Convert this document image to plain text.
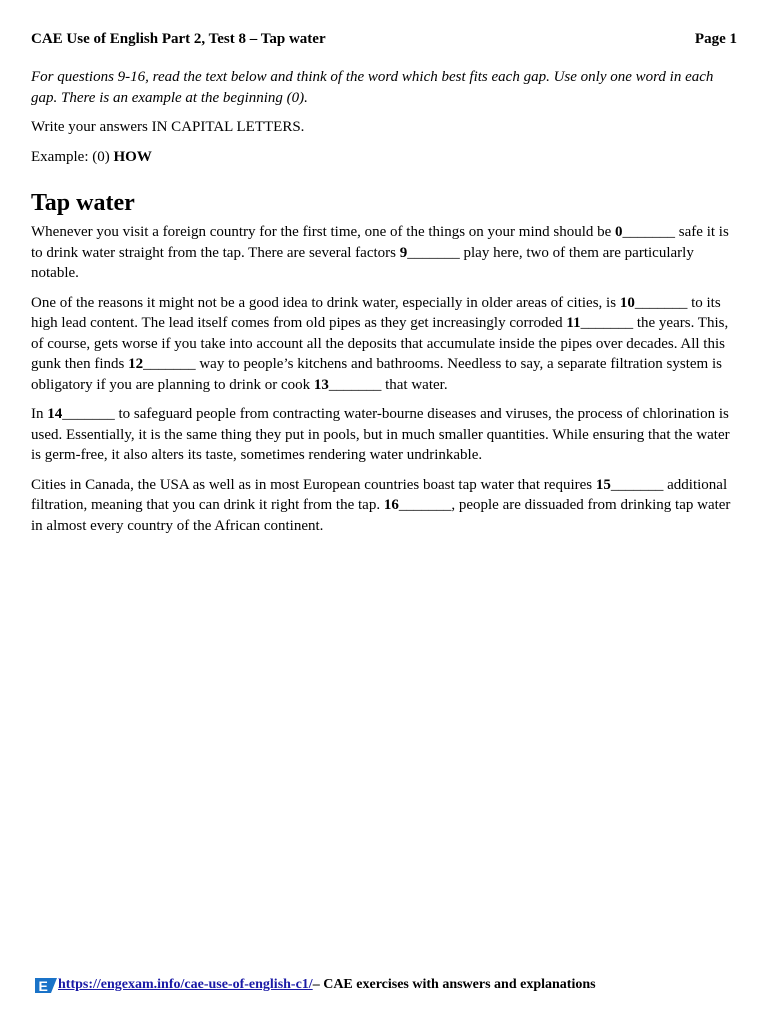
CAE Use of English Part 2, Test 8 – Tap water	Page 1

For questions 9-16, read the text below and think of the word which best fits each gap. Use only one word in each gap. There is an example at the beginning (0).

Write your answers IN CAPITAL LETTERS.

Example: (0) HOW

Tap water

Whenever you visit a foreign country for the first time, one of the things on your mind should be 0_______ safe it is to drink water straight from the tap. There are several factors 9_______ play here, two of them are particularly notable.

One of the reasons it might not be a good idea to drink water, especially in older areas of cities, is 10_______ to its high lead content. The lead itself comes from old pipes as they get increasingly corroded 11_______ the years. This, of course, gets worse if you take into account all the deposits that accumulate inside the pipes over decades. All this gunk then finds 12_______ way to people’s kitchens and bathrooms. Needless to say, a separate filtration system is obligatory if you are planning to drink or cook 13_______ that water.

In 14_______ to safeguard people from contracting water-bourne diseases and viruses, the process of chlorination is used. Essentially, it is the same thing they put in pools, but in much smaller quantities. While ensuring that the water is germ-free, it also alters its taste, sometimes rendering water undrinkable.

Cities in Canada, the USA as well as in most European countries boast tap water that requires 15_______ additional filtration, meaning that you can drink it right from the tap. 16_______, people are dissuaded from drinking tap water in almost every country of the African continent.

E https://engexam.info/cae-use-of-english-c1/– CAE exercises with answers and explanations
